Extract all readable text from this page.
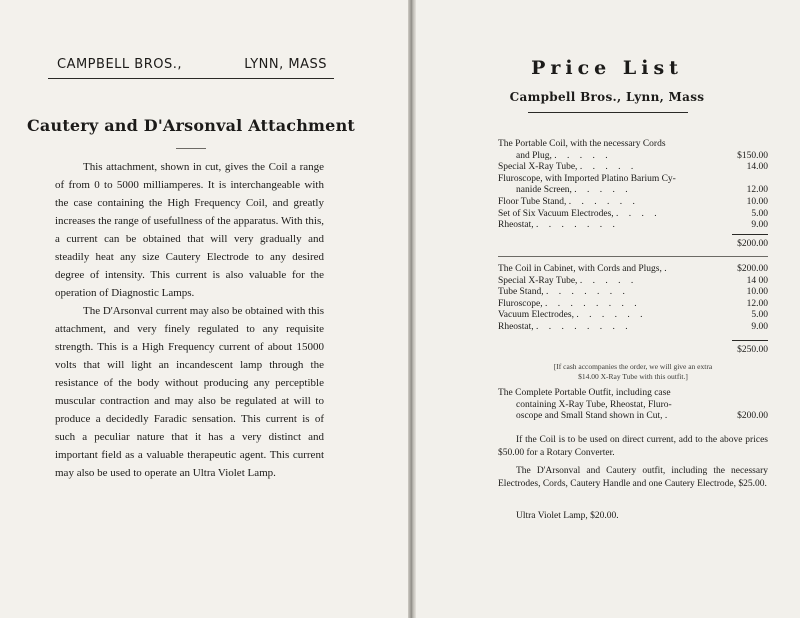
CAMPBELL BROS.,	LYNN, MASS
Cautery and D'Arsonval Attachment

This attachment, shown in cut, gives the Coil a range of from 0 to 5000 milliamperes. It is interchangeable with the case containing the High Frequency Coil, and greatly increases the range of usefullness of the apparatus. With this, a current can be obtained that will very gradually and steadily heat any size Cautery Electrode to any desired degree of intensity. This current is also valuable for the operation of Diagnostic Lamps.

The D'Arsonval current may also be obtained with this attachment, and very finely regulated to any requisite strength. This is a High Frequency current of about 15000 volts that will light an incandescent lamp through the resistance of the body without producing any perceptible muscular contraction and may also be regulated at will to produce a decidedly Faradic sensation. This current is of such a peculiar nature that it has a very distinct and important field as a valuable therapeutic agent. This current may also be used to operate an Ultra Violet Lamp.

Price List
Campbell Bros., Lynn, Mass
The Portable Coil, with the necessary Cords
and Plug, . . . . .	$150.00
Special X-Ray Tube, . . . . .	14.00
Fluroscope, with Imported Platino Barium Cy-
nanide Screen, . . . . .	12.00
Floor Tube Stand, . . . . . .	10.00
Set of Six Vacuum Electrodes, . . . .	5.00
Rheostat, . . . . . . .	9.00
$200.00
The Coil in Cabinet, with Cords and Plugs, .	$200.00
Special X-Ray Tube, . . . . .	14 00
Tube Stand, . . . . . . .	10.00
Fluroscope, . . . . . . . .	12.00
Vacuum Electrodes, . . . . . .	5.00
Rheostat, . . . . . . . .	9.00
$250.00
[If cash accompanies the order, we will give an extra
$14.00 X-Ray Tube with this outfit.]
The Complete Portable Outfit, including case
containing X-Ray Tube, Rheostat, Fluro-
oscope and Small Stand shown in Cut, .	$200.00
If the Coil is to be used on direct current, add to the above prices $50.00 for a Rotary Converter.
The D'Arsonval and Cautery outfit, including the necessary Electrodes, Cords, Cautery Handle and one Cautery Electrode, $25.00.
Ultra Violet Lamp, $20.00.
